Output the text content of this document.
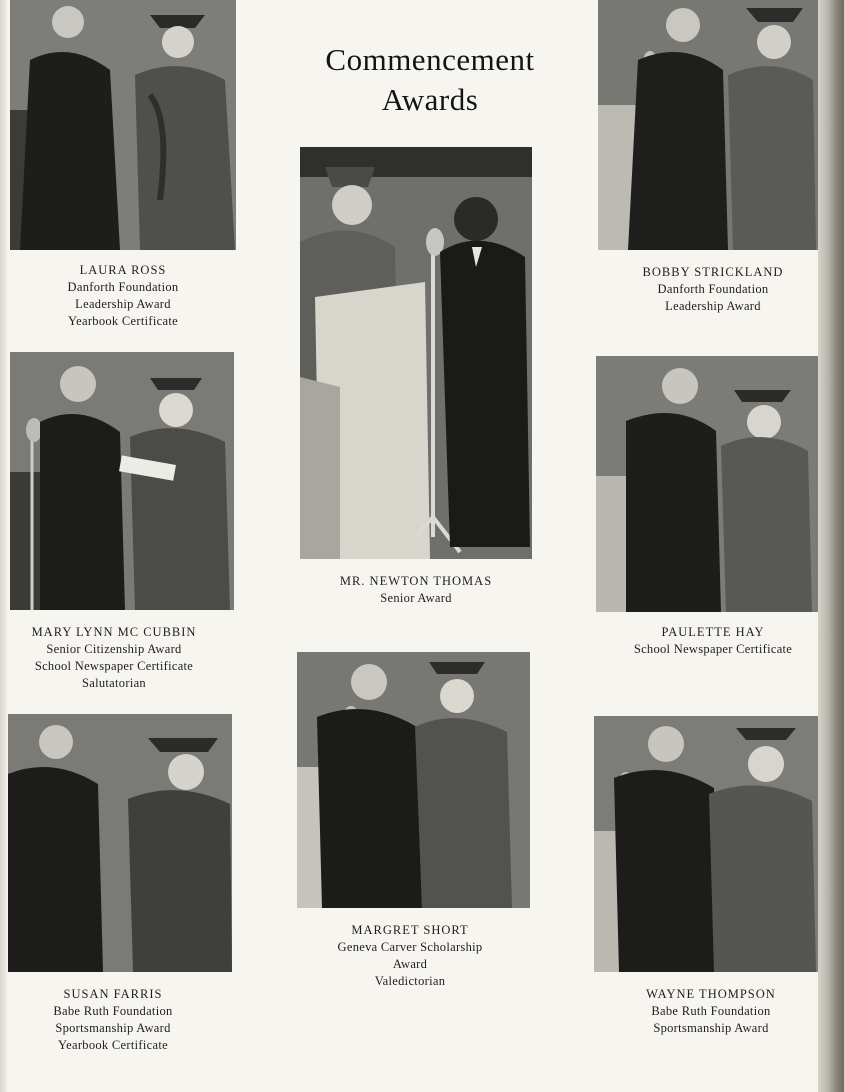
Commencement
Awards
LAURA ROSS
Danforth Foundation
Leadership Award
Yearbook Certificate
BOBBY STRICKLAND
Danforth Foundation
Leadership Award
MR. NEWTON THOMAS
Senior Award
MARY LYNN MC CUBBIN
Senior Citizenship Award
School Newspaper Certificate
Salutatorian
PAULETTE HAY
School Newspaper Certificate
MARGRET SHORT
Geneva Carver Scholarship
Award
Valedictorian
SUSAN FARRIS
Babe Ruth Foundation
Sportsmanship Award
Yearbook Certificate
WAYNE THOMPSON
Babe Ruth Foundation
Sportsmanship Award
